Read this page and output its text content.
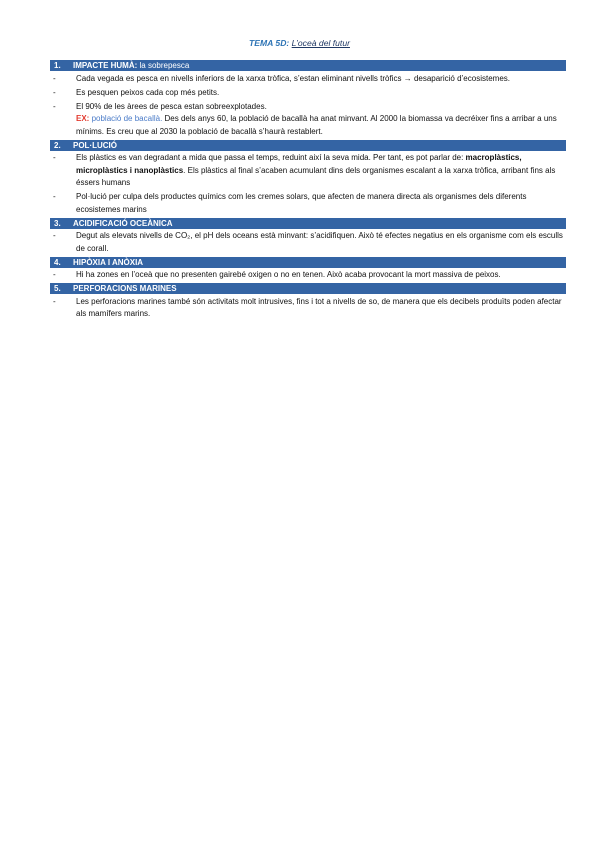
TEMA 5D: L’oceà del futur
1.	IMPACTE HUMÀ: la sobrepesca
-	Cada vegada es pesca en nivells inferiors de la xarxa tròfica, s’estan eliminant nivells tròfics → desaparició d’ecosistemes.
-	Es pesquen peixos cada cop més petits.
-	El 90% de les àrees de pesca estan sobreexplotades.
EX: població de bacallà. Des dels anys 60, la població de bacallà ha anat minvant. Al 2000 la biomassa va decréixer fins a arribar a uns mínims. Es creu que al 2030 la població de bacallà s’haurà restablert.
2.	POL·LUCIÓ
-	Els plàstics es van degradant a mida que passa el temps, reduint així la seva mida. Per tant, es pot parlar de: macroplàstics, microplàstics i nanoplàstics. Els plàstics al final s’acaben acumulant dins dels organismes escalant a la xarxa tròfica, arribant fins als éssers humans
-	Pol·lució per culpa dels productes químics com les cremes solars, que afecten de manera directa als organismes dels diferents ecosistemes marins
3.	ACIDIFICACIÓ OCEÀNICA
-	Degut als elevats nivells de CO₂, el pH dels oceans està minvant: s’acidifiquen. Això té efectes negatius en els organisme com els esculls de corall.
4.	HIPÒXIA I ANÒXIA
-	Hi ha zones en l’oceà que no presenten gairebé oxigen o no en tenen. Això acaba provocant la mort massiva de peixos.
5.	PERFORACIONS MARINES
-	Les perforacions marines també són activitats molt intrusives, fins i tot a nivells de so, de manera que els decibels produïts poden afectar als mamífers marins.
